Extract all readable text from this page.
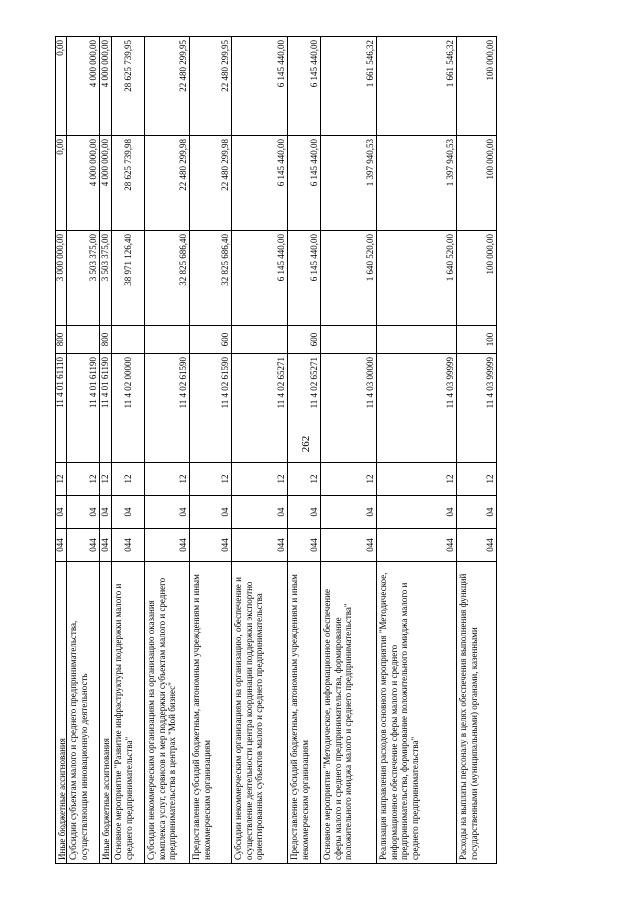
262
Иные бюджетные ассигнования
044
04
12
11 4 01 61110
800
3 000 000,00
0,00
0,00
Субсидии субъектам малого и среднего предпринимательства, осуществляющим инновационную деятельность
044
04
12
11 4 01 61190
3 503 375,00
4 000 000,00
4 000 000,00
Иные бюджетные ассигнования
044
04
12
11 4 01 61190
800
3 503 375,00
4 000 000,00
4 000 000,00
Основное мероприятие "Развитие инфраструктуры поддержки малого и среднего предпринимательства"
044
04
12
11 4 02 00000
38 971 126,40
28 625 739,98
28 625 739,95
Субсидии некоммерческим организациям на организацию оказания комплекса услуг, сервисов и мер поддержки субъектам малого и среднего предпринимательства в центрах "Мой бизнес"
044
04
12
11 4 02 61590
32 825 686,40
22 480 299,98
22 480 299,95
Предоставление субсидий бюджетным, автономным учреждениям и иным некоммерческим организациям
044
04
12
11 4 02 61590
600
32 825 686,40
22 480 299,98
22 480 299,95
Субсидии некоммерческим организациям на организацию, обеспечение и осуществление деятельности центра координации поддержки экспортно ориентированных субъектов малого и среднего предпринимательства
044
04
12
11 4 02 65271
6 145 440,00
6 145 440,00
6 145 440,00
Предоставление субсидий бюджетным, автономным учреждениям и иным некоммерческим организациям
044
04
12
11 4 02 65271
600
6 145 440,00
6 145 440,00
6 145 440,00
Основное мероприятие "Методическое, информационное обеспечение сферы малого и среднего предпринимательства, формирование положительного имиджа малого и среднего предпринимательства"
044
04
12
11 4 03 00000
1 640 520,00
1 397 940,53
1 661 546,32
Реализация направления расходов основного мероприятия "Методическое, информационное обеспечение сферы малого и среднего предпринимательства, формирование положительного имиджа малого и среднего предпринимательства"
044
04
12
11 4 03 99999
1 640 520,00
1 397 940,53
1 661 546,32
Расходы на выплаты персоналу в целях обеспечения выполнения функций государственными (муниципальными) органами, казенными
044
04
12
11 4 03 99999
100
100 000,00
100 000,00
100 000,00
